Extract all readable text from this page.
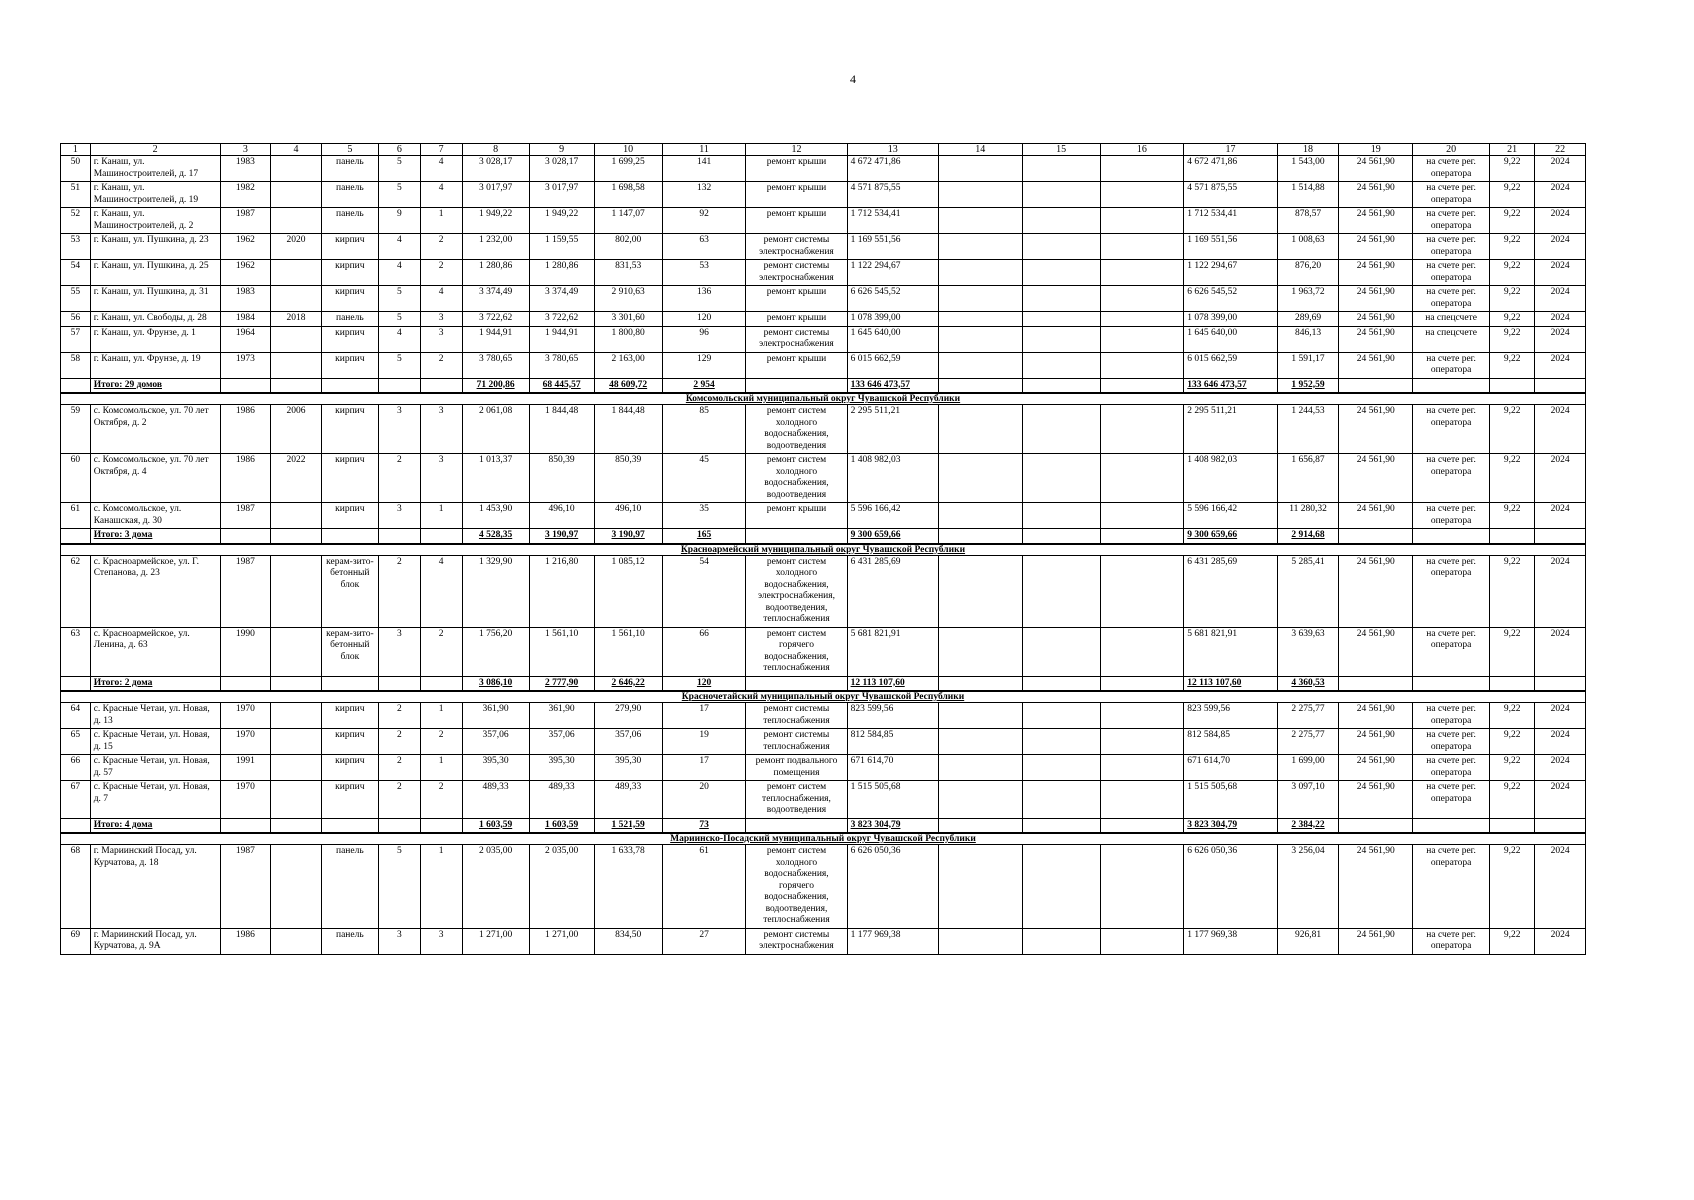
4
1	2	3	4	5	6	7	8	9	10	11	12	13	14	15	16	17	18	19	20	21	22
50	г. Канаш, ул. Машиностроителей, д. 17	1983		панель	5	4	3 028,17	3 028,17	1 699,25	141	ремонт крыши	4 672 471,86				4 672 471,86	1 543,00	24 561,90	на счете рег. оператора	9,22	2024
51	г. Канаш, ул. Машиностроителей, д. 19	1982		панель	5	4	3 017,97	3 017,97	1 698,58	132	ремонт крыши	4 571 875,55				4 571 875,55	1 514,88	24 561,90	на счете рег. оператора	9,22	2024
52	г. Канаш, ул. Машиностроителей, д. 2	1987		панель	9	1	1 949,22	1 949,22	1 147,07	92	ремонт крыши	1 712 534,41				1 712 534,41	878,57	24 561,90	на счете рег. оператора	9,22	2024
53	г. Канаш, ул. Пушкина, д. 23	1962	2020	кирпич	4	2	1 232,00	1 159,55	802,00	63	ремонт системы электроснабжения	1 169 551,56				1 169 551,56	1 008,63	24 561,90	на счете рег. оператора	9,22	2024
54	г. Канаш, ул. Пушкина, д. 25	1962		кирпич	4	2	1 280,86	1 280,86	831,53	53	ремонт системы электроснабжения	1 122 294,67				1 122 294,67	876,20	24 561,90	на счете рег. оператора	9,22	2024
55	г. Канаш, ул. Пушкина, д. 31	1983		кирпич	5	4	3 374,49	3 374,49	2 910,63	136	ремонт крыши	6 626 545,52				6 626 545,52	1 963,72	24 561,90	на счете рег. оператора	9,22	2024
56	г. Канаш, ул. Свободы, д. 28	1984	2018	панель	5	3	3 722,62	3 722,62	3 301,60	120	ремонт крыши	1 078 399,00				1 078 399,00	289,69	24 561,90	на спецсчете	9,22	2024
57	г. Канаш, ул. Фрунзе, д. 1	1964		кирпич	4	3	1 944,91	1 944,91	1 800,80	96	ремонт системы электроснабжения	1 645 640,00				1 645 640,00	846,13	24 561,90	на спецсчете	9,22	2024
58	г. Канаш, ул. Фрунзе, д. 19	1973		кирпич	5	2	3 780,65	3 780,65	2 163,00	129	ремонт крыши	6 015 662,59				6 015 662,59	1 591,17	24 561,90	на счете рег. оператора	9,22	2024
	Итого: 29 домов						71 200,86	68 445,57	48 609,72	2 954		133 646 473,57				133 646 473,57	1 952,59				
Комсомольский муниципальный округ Чувашской Республики																					
59	с. Комсомольское, ул. 70 лет Октября, д. 2	1986	2006	кирпич	3	3	2 061,08	1 844,48	1 844,48	85	ремонт систем холодного водоснабжения, водоотведения	2 295 511,21				2 295 511,21	1 244,53	24 561,90	на счете рег. оператора	9,22	2024
60	с. Комсомольское, ул. 70 лет Октября, д. 4	1986	2022	кирпич	2	3	1 013,37	850,39	850,39	45	ремонт систем холодного водоснабжения, водоотведения	1 408 982,03				1 408 982,03	1 656,87	24 561,90	на счете рег. оператора	9,22	2024
61	с. Комсомольское, ул. Канашская, д. 30	1987		кирпич	3	1	1 453,90	496,10	496,10	35	ремонт крыши	5 596 166,42				5 596 166,42	11 280,32	24 561,90	на счете рег. оператора	9,22	2024
	Итого: 3 дома						4 528,35	3 190,97	3 190,97	165		9 300 659,66				9 300 659,66	2 914,68				
Красноармейский муниципальный округ Чувашской Республики																					
62	с. Красноармейское, ул. Г. Степанова, д. 23	1987		керам-зито-бетонный блок	2	4	1 329,90	1 216,80	1 085,12	54	ремонт систем холодного водоснабжения, электроснабжения, водоотведения, теплоснабжения	6 431 285,69				6 431 285,69	5 285,41	24 561,90	на счете рег. оператора	9,22	2024
63	с. Красноармейское, ул. Ленина, д. 63	1990		керам-зито-бетонный блок	3	2	1 756,20	1 561,10	1 561,10	66	ремонт систем горячего водоснабжения, теплоснабжения	5 681 821,91				5 681 821,91	3 639,63	24 561,90	на счете рег. оператора	9,22	2024
	Итого: 2 дома						3 086,10	2 777,90	2 646,22	120		12 113 107,60				12 113 107,60	4 360,53				
Красночетайский муниципальный округ Чувашской Республики																					
64	с. Красные Четаи, ул. Новая, д. 13	1970		кирпич	2	1	361,90	361,90	279,90	17	ремонт системы теплоснабжения	823 599,56				823 599,56	2 275,77	24 561,90	на счете рег. оператора	9,22	2024
65	с. Красные Четаи, ул. Новая, д. 15	1970		кирпич	2	2	357,06	357,06	357,06	19	ремонт системы теплоснабжения	812 584,85				812 584,85	2 275,77	24 561,90	на счете рег. оператора	9,22	2024
66	с. Красные Четаи, ул. Новая, д. 57	1991		кирпич	2	1	395,30	395,30	395,30	17	ремонт подвального помещения	671 614,70				671 614,70	1 699,00	24 561,90	на счете рег. оператора	9,22	2024
67	с. Красные Четаи, ул. Новая, д. 7	1970		кирпич	2	2	489,33	489,33	489,33	20	ремонт систем теплоснабжения, водоотведения	1 515 505,68				1 515 505,68	3 097,10	24 561,90	на счете рег. оператора	9,22	2024
	Итого: 4 дома						1 603,59	1 603,59	1 521,59	73		3 823 304,79				3 823 304,79	2 384,22				
Мариинско-Посадский муниципальный округ Чувашской Республики																					
68	г. Мариинский Посад, ул. Курчатова, д. 18	1987		панель	5	1	2 035,00	2 035,00	1 633,78	61	ремонт систем холодного водоснабжения, горячего водоснабжения, водоотведения, теплоснабжения	6 626 050,36				6 626 050,36	3 256,04	24 561,90	на счете рег. оператора	9,22	2024
69	г. Мариинский Посад, ул. Курчатова, д. 9А	1986		панель	3	3	1 271,00	1 271,00	834,50	27	ремонт системы электроснабжения	1 177 969,38				1 177 969,38	926,81	24 561,90	на счете рег. оператора	9,22	2024
